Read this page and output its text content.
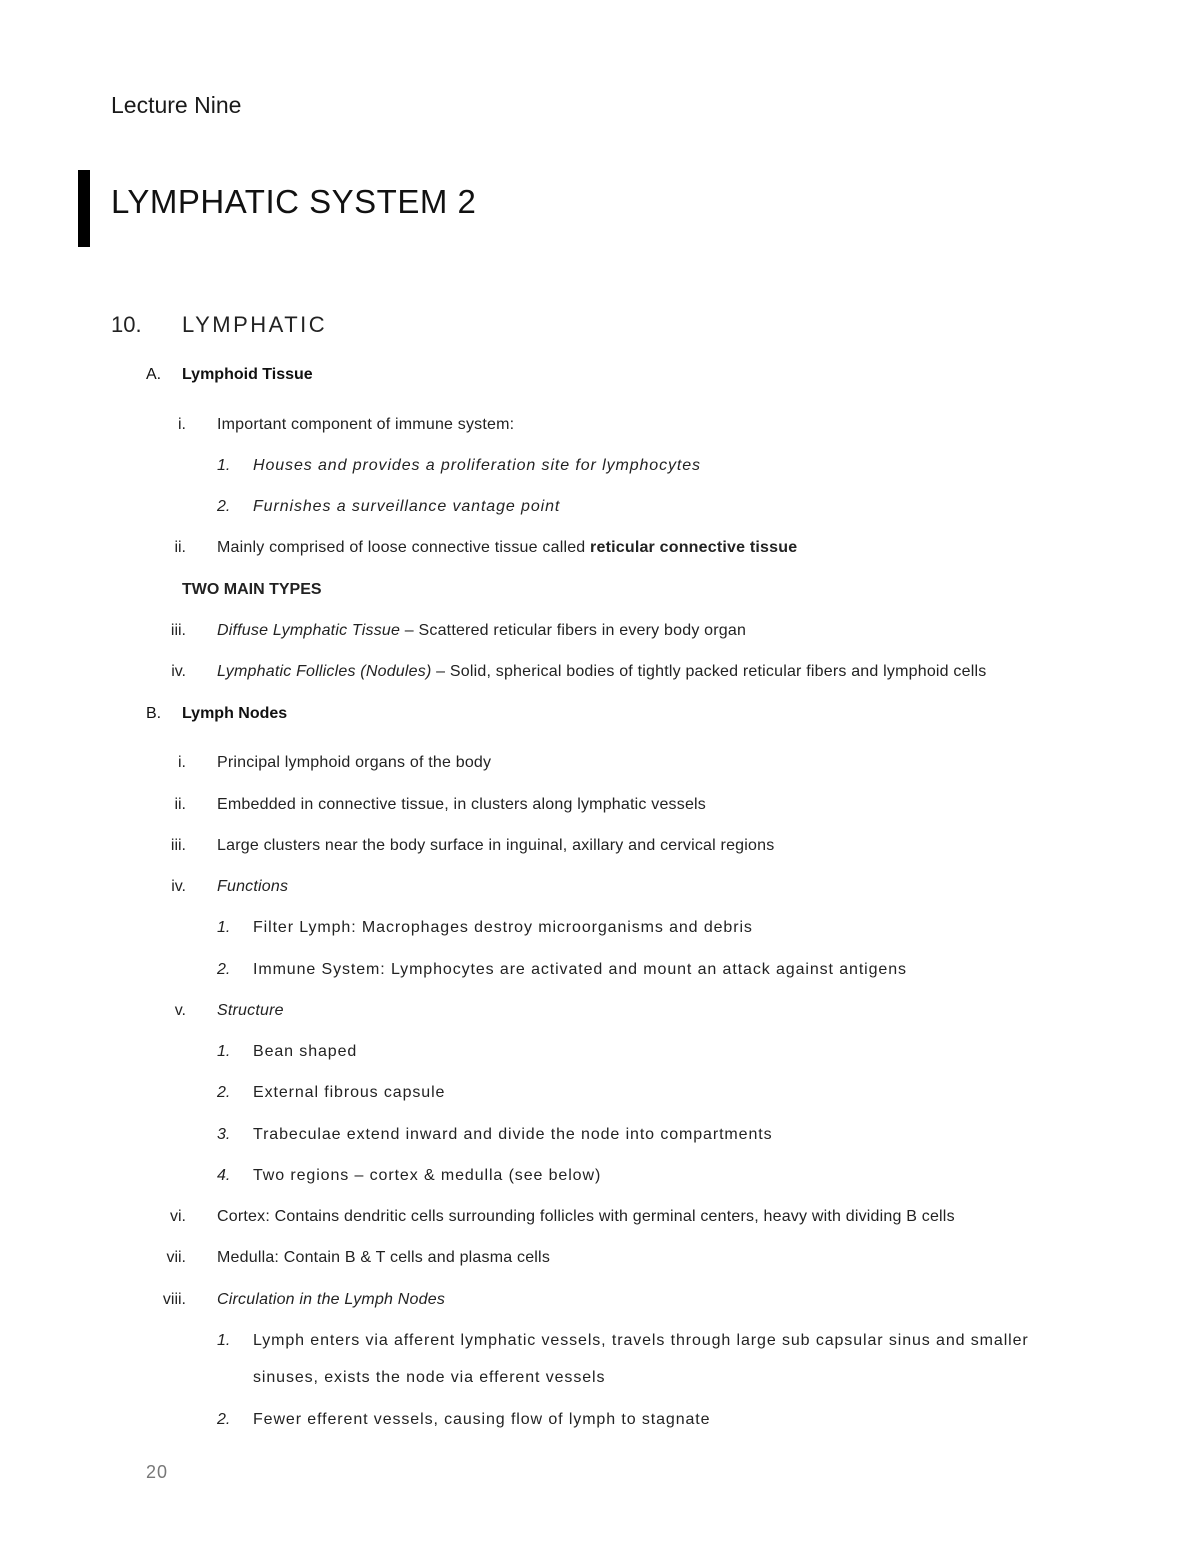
Lecture Nine
LYMPHATIC SYSTEM 2
10. LYMPHATIC
A. Lymphoid Tissue
i. Important component of immune system:
1. Houses and provides a proliferation site for lymphocytes
2. Furnishes a surveillance vantage point
ii. Mainly comprised of loose connective tissue called reticular connective tissue
TWO MAIN TYPES
iii. Diffuse Lymphatic Tissue – Scattered reticular fibers in every body organ
iv. Lymphatic Follicles (Nodules) – Solid, spherical bodies of tightly packed reticular fibers and lymphoid cells
B. Lymph Nodes
i. Principal lymphoid organs of the body
ii. Embedded in connective tissue, in clusters along lymphatic vessels
iii. Large clusters near the body surface in inguinal, axillary and cervical regions
iv. Functions
1. Filter Lymph: Macrophages destroy microorganisms and debris
2. Immune System: Lymphocytes are activated and mount an attack against antigens
v. Structure
1. Bean shaped
2. External fibrous capsule
3. Trabeculae extend inward and divide the node into compartments
4. Two regions – cortex & medulla (see below)
vi. Cortex: Contains dendritic cells surrounding follicles with germinal centers, heavy with dividing B cells
vii. Medulla: Contain B & T cells and plasma cells
viii. Circulation in the Lymph Nodes
1. Lymph enters via afferent lymphatic vessels, travels through large sub capsular sinus and smaller
sinuses, exists the node via efferent vessels
2. Fewer efferent vessels, causing flow of lymph to stagnate
20
